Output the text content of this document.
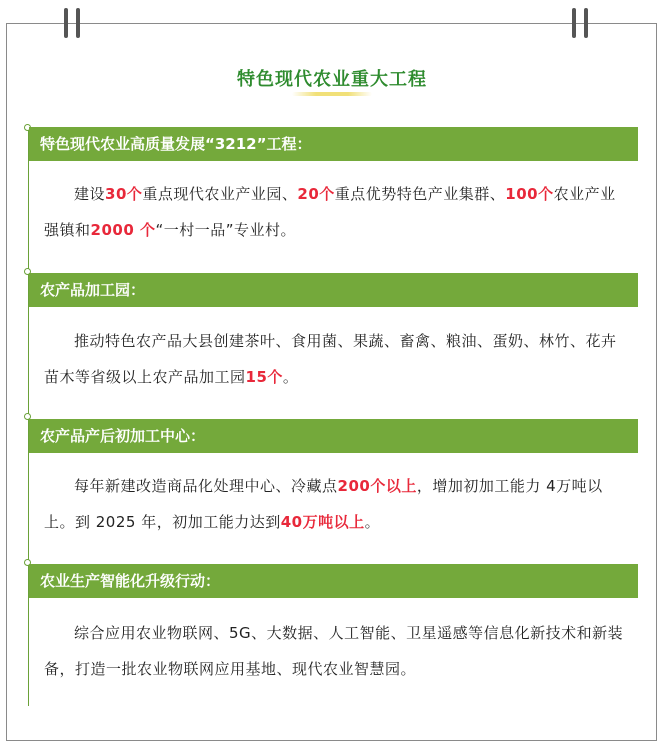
特色现代农业重大工程
特色现代农业高质量发展“3212”工程：

建设30个重点现代农业产业园、20个重点优势特色产业集群、100个农业产业强镇和2000 个“一村一品”专业村。

农产品加工园：

推动特色农产品大县创建茶叶、食用菌、果蔬、畜禽、粮油、蛋奶、林竹、花卉苗木等省级以上农产品加工园15个。

农产品产后初加工中心：

每年新建改造商品化处理中心、冷藏点200个以上，增加初加工能力 4万吨以上。到 2025 年，初加工能力达到40万吨以上。

农业生产智能化升级行动：

综合应用农业物联网、5G、大数据、人工智能、卫星遥感等信息化新技术和新装备，打造一批农业物联网应用基地、现代农业智慧园。
